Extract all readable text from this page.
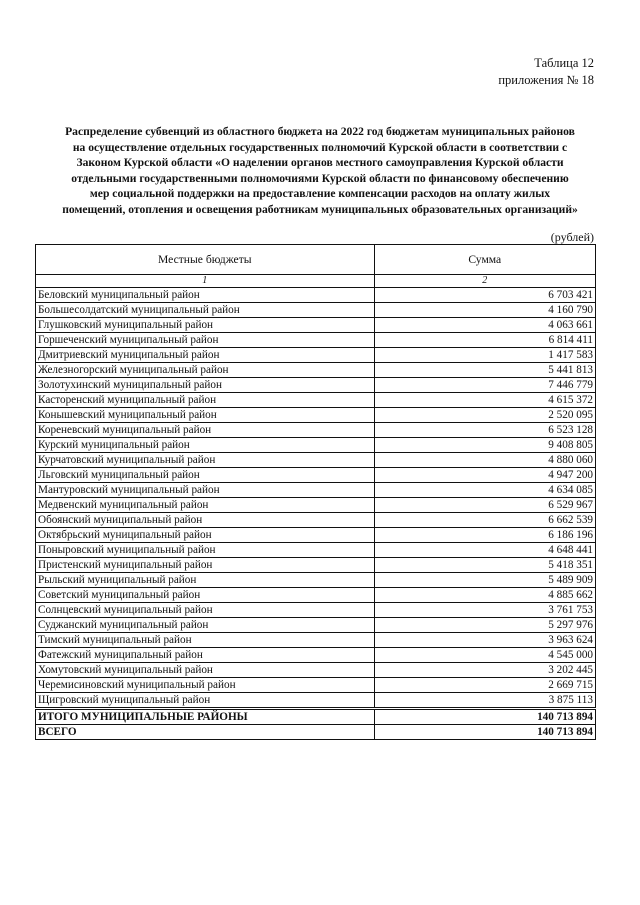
Таблица 12
приложения № 18
Распределение субвенций из областного бюджета на 2022 год бюджетам муниципальных районов
на осуществление отдельных государственных полномочий Курской области в соответствии с
Законом Курской области «О наделении органов местного самоуправления Курской области
отдельными государственными полномочиями Курской области по финансовому обеспечению
мер социальной поддержки на предоставление компенсации расходов на оплату жилых
помещений, отопления и освещения работникам муниципальных образовательных организаций»
(рублей)
Местные бюджеты	Сумма
1	2
Беловский муниципальный район	6 703 421
Большесолдатский муниципальный район	4 160 790
Глушковский муниципальный район	4 063 661
Горшеченский муниципальный район	6 814 411
Дмитриевский муниципальный район	1 417 583
Железногорский муниципальный район	5 441 813
Золотухинский муниципальный район	7 446 779
Касторенский муниципальный район	4 615 372
Конышевский муниципальный район	2 520 095
Кореневский муниципальный район	6 523 128
Курский муниципальный район	9 408 805
Курчатовский муниципальный район	4 880 060
Льговский муниципальный район	4 947 200
Мантуровский муниципальный район	4 634 085
Медвенский муниципальный район	6 529 967
Обоянский муниципальный район	6 662 539
Октябрьский муниципальный район	6 186 196
Поныровский муниципальный район	4 648 441
Пристенский муниципальный район	5 418 351
Рыльский муниципальный район	5 489 909
Советский муниципальный район	4 885 662
Солнцевский муниципальный район	3 761 753
Суджанский муниципальный район	5 297 976
Тимский муниципальный район	3 963 624
Фатежский муниципальный район	4 545 000
Хомутовский муниципальный район	3 202 445
Черемисиновский муниципальный район	2 669 715
Щигровский муниципальный район	3 875 113
ИТОГО МУНИЦИПАЛЬНЫЕ РАЙОНЫ	140 713 894
ВСЕГО	140 713 894
